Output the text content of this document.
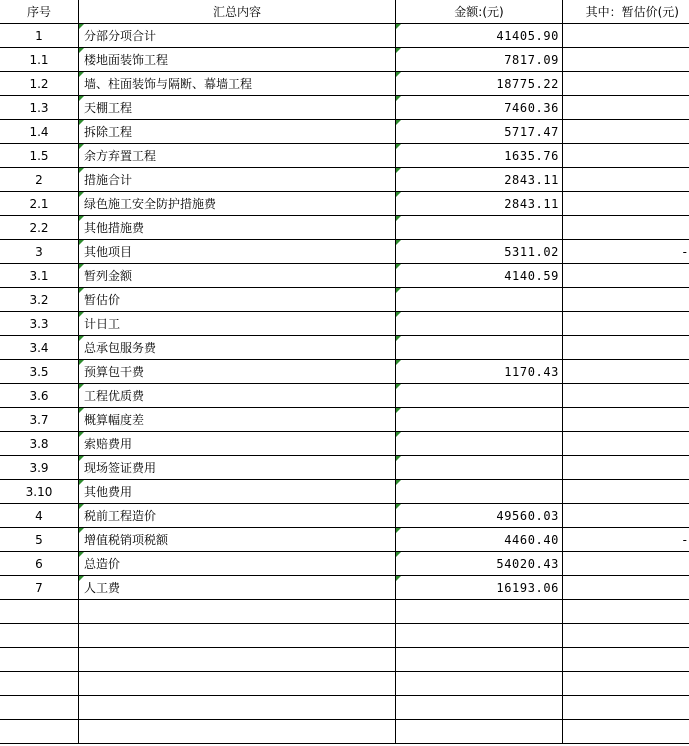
序号	汇总内容	金额:(元)	其中：暂估价(元)
1	分部分项合计	41405.90
1.1	楼地面装饰工程	7817.09
1.2	墙、柱面装饰与隔断、幕墙工程	18775.22
1.3	天棚工程	7460.36
1.4	拆除工程	5717.47
1.5	余方弃置工程	1635.76
2	措施合计	2843.11
2.1	绿色施工安全防护措施费	2843.11
2.2	其他措施费
3	其他项目	5311.02	-
3.1	暂列金额	4140.59
3.2	暂估价
3.3	计日工
3.4	总承包服务费
3.5	预算包干费	1170.43
3.6	工程优质费
3.7	概算幅度差
3.8	索赔费用
3.9	现场签证费用
3.10	其他费用
4	税前工程造价	49560.03
5	增值税销项税额	4460.40	-
6	总造价	54020.43
7	人工费	16193.06
